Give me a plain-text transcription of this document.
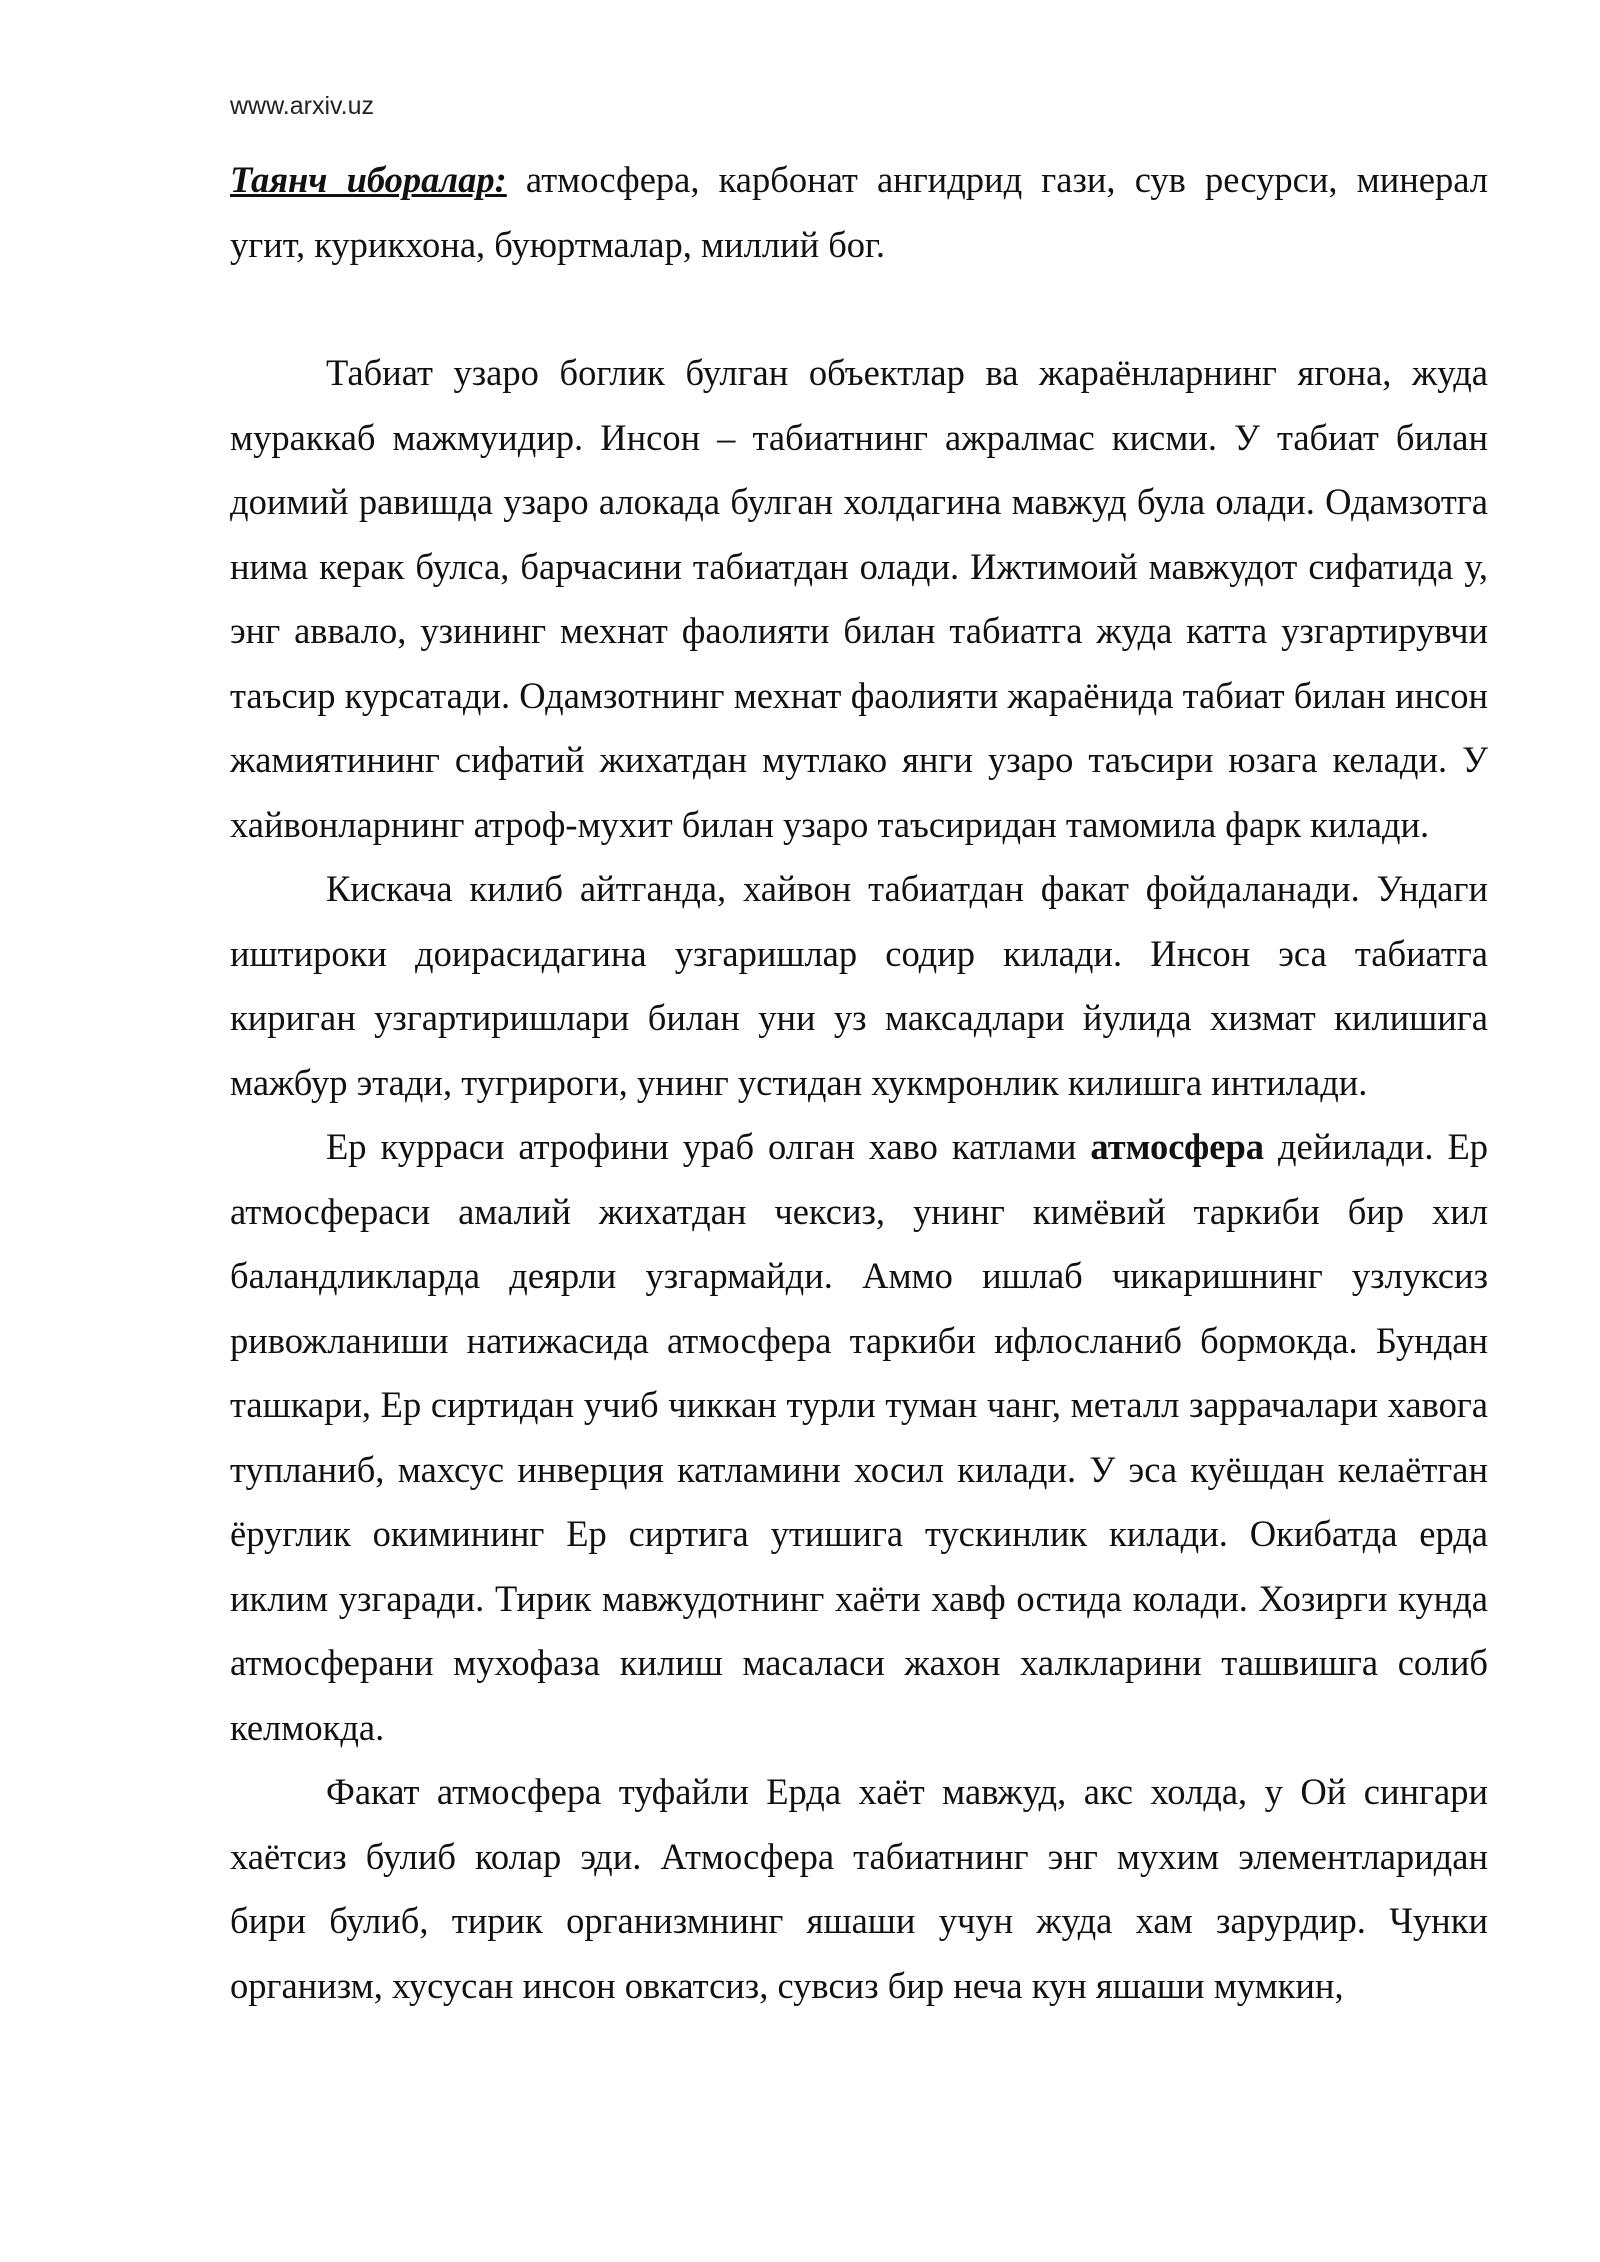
www.arxiv.uz

Таянч иборалар: атмосфера, карбонат ангидрид гази, сув ресурси, минерал угит, курикхона, буюртмалар, миллий бог.

Табиат узаро боглик булган объектлар ва жараёнларнинг ягона, жуда мураккаб мажмуидир. Инсон – табиатнинг ажралмас кисми. У табиат билан доимий равишда узаро алокада булган холдагина мавжуд була олади. Одамзотга нима керак булса, барчасини табиатдан олади. Ижтимоий мавжудот сифатида у, энг аввало, узининг мехнат фаолияти билан табиатга жуда катта узгартирувчи таъсир курсатади. Одамзотнинг мехнат фаолияти жараёнида табиат билан инсон жамиятининг сифатий жихатдан мутлако янги узаро таъсири юзага келади. У хайвонларнинг атроф-мухит билан узаро таъсиридан тамомила фарк килади.

Кискача килиб айтганда, хайвон табиатдан факат фойдаланади. Ундаги иштироки доирасидагина узгаришлар содир килади. Инсон эса табиатга кириган узгартиришлари билан уни уз максадлари йулида хизмат килишига мажбур этади, тугрироги, унинг устидан хукмронлик килишга интилади.

Ер курраси атрофини ураб олган хаво катлами атмосфера дейилади. Ер атмосфераси амалий жихатдан чексиз, унинг кимёвий таркиби бир хил баландликларда деярли узгармайди. Аммо ишлаб чикаришнинг узлуксиз ривожланиши натижасида атмосфера таркиби ифлосланиб бормокда. Бундан ташкари, Ер сиртидан учиб чиккан турли туман чанг, металл заррачалари хавога тупланиб, махсус инверция катламини хосил килади. У эса куёшдан келаётган ёруглик окимининг Ер сиртига утишига тускинлик килади. Окибатда ерда иклим узгаради. Тирик мавжудотнинг хаёти хавф остида колади. Хозирги кунда атмосферани мухофаза килиш масаласи жахон халкларини ташвишга солиб келмокда.

Факат атмосфера туфайли Ерда хаёт мавжуд, акс холда, у Ой сингари хаётсиз булиб колар эди. Атмосфера табиатнинг энг мухим элементларидан бири булиб, тирик организмнинг яшаши учун жуда хам зарурдир. Чунки организм, хусусан инсон овкатсиз, сувсиз бир неча кун яшаши мумкин,
